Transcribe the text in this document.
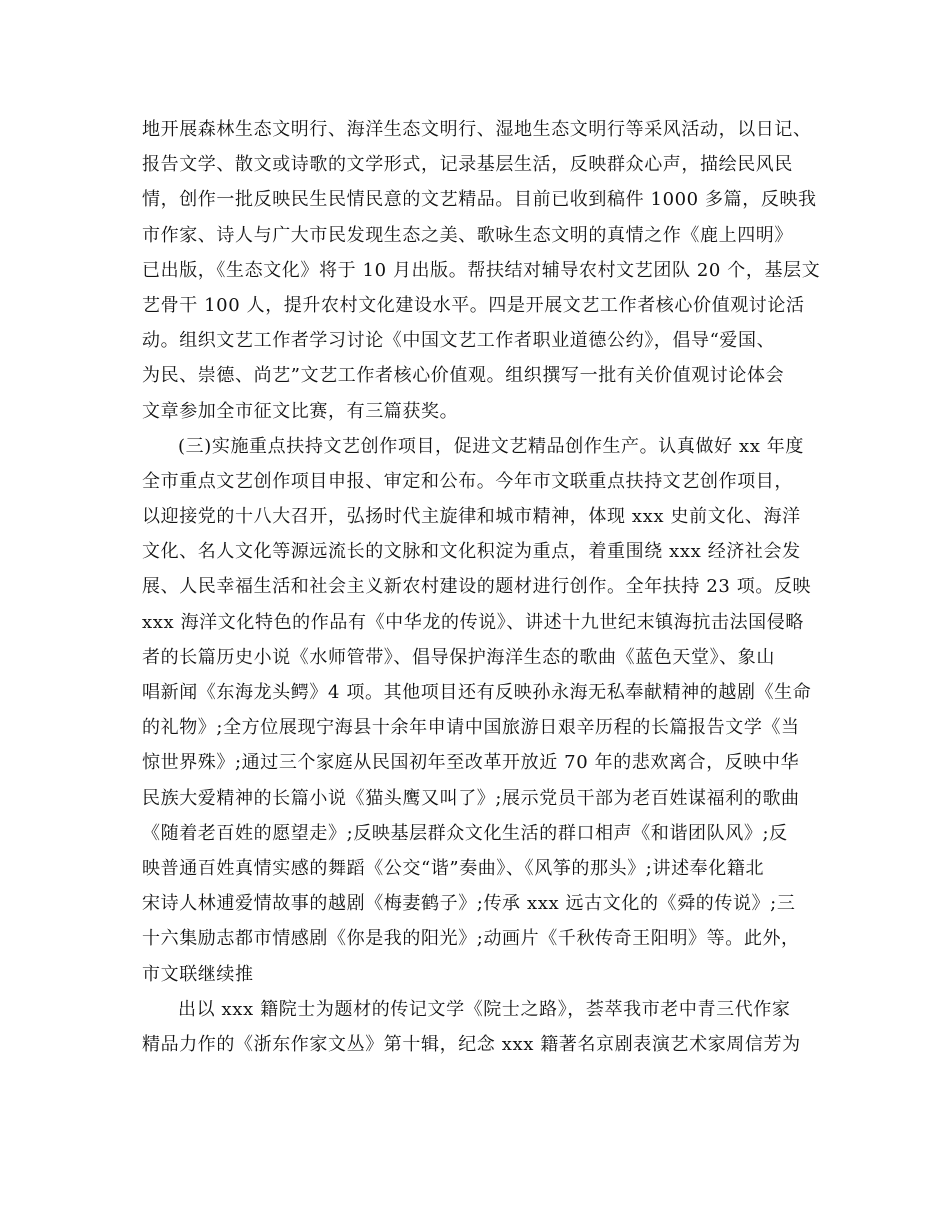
地开展森林生态文明行、海洋生态文明行、湿地生态文明行等采风活动，以日记、
报告文学、散文或诗歌的文学形式，记录基层生活，反映群众心声，描绘民风民
情，创作一批反映民生民情民意的文艺精品。目前已收到稿件 1000 多篇，反映我
市作家、诗人与广大市民发现生态之美、歌咏生态文明的真情之作《鹿上四明》
已出版，《生态文化》将于 10 月出版。帮扶结对辅导农村文艺团队 20 个，基层文
艺骨干 100 人，提升农村文化建设水平。四是开展文艺工作者核心价值观讨论活
动。组织文艺工作者学习讨论《中国文艺工作者职业道德公约》，倡导“爱国、
为民、崇德、尚艺”文艺工作者核心价值观。组织撰写一批有关价值观讨论体会
文章参加全市征文比赛，有三篇获奖。
(三)实施重点扶持文艺创作项目，促进文艺精品创作生产。认真做好 xx 年度
全市重点文艺创作项目申报、审定和公布。今年市文联重点扶持文艺创作项目，
以迎接党的十八大召开，弘扬时代主旋律和城市精神，体现 xxx 史前文化、海洋
文化、名人文化等源远流长的文脉和文化积淀为重点，着重围绕 xxx 经济社会发
展、人民幸福生活和社会主义新农村建设的题材进行创作。全年扶持 23 项。反映
xxx 海洋文化特色的作品有《中华龙的传说》、讲述十九世纪末镇海抗击法国侵略
者的长篇历史小说《水师管带》、倡导保护海洋生态的歌曲《蓝色天堂》、象山
唱新闻《东海龙头鳄》4 项。其他项目还有反映孙永海无私奉献精神的越剧《生命
的礼物》;全方位展现宁海县十余年申请中国旅游日艰辛历程的长篇报告文学《当
惊世界殊》;通过三个家庭从民国初年至改革开放近 70 年的悲欢离合，反映中华
民族大爱精神的长篇小说《猫头鹰又叫了》;展示党员干部为老百姓谋福利的歌曲
《随着老百姓的愿望走》;反映基层群众文化生活的群口相声《和谐团队风》;反
映普通百姓真情实感的舞蹈《公交“谐”奏曲》、《风筝的那头》;讲述奉化籍北
宋诗人林逋爱情故事的越剧《梅妻鹤子》;传承 xxx 远古文化的《舜的传说》;三
十六集励志都市情感剧《你是我的阳光》;动画片《千秋传奇王阳明》等。此外，
市文联继续推
出以 xxx 籍院士为题材的传记文学《院士之路》，荟萃我市老中青三代作家
精品力作的《浙东作家文丛》第十辑，纪念 xxx 籍著名京剧表演艺术家周信芳为
